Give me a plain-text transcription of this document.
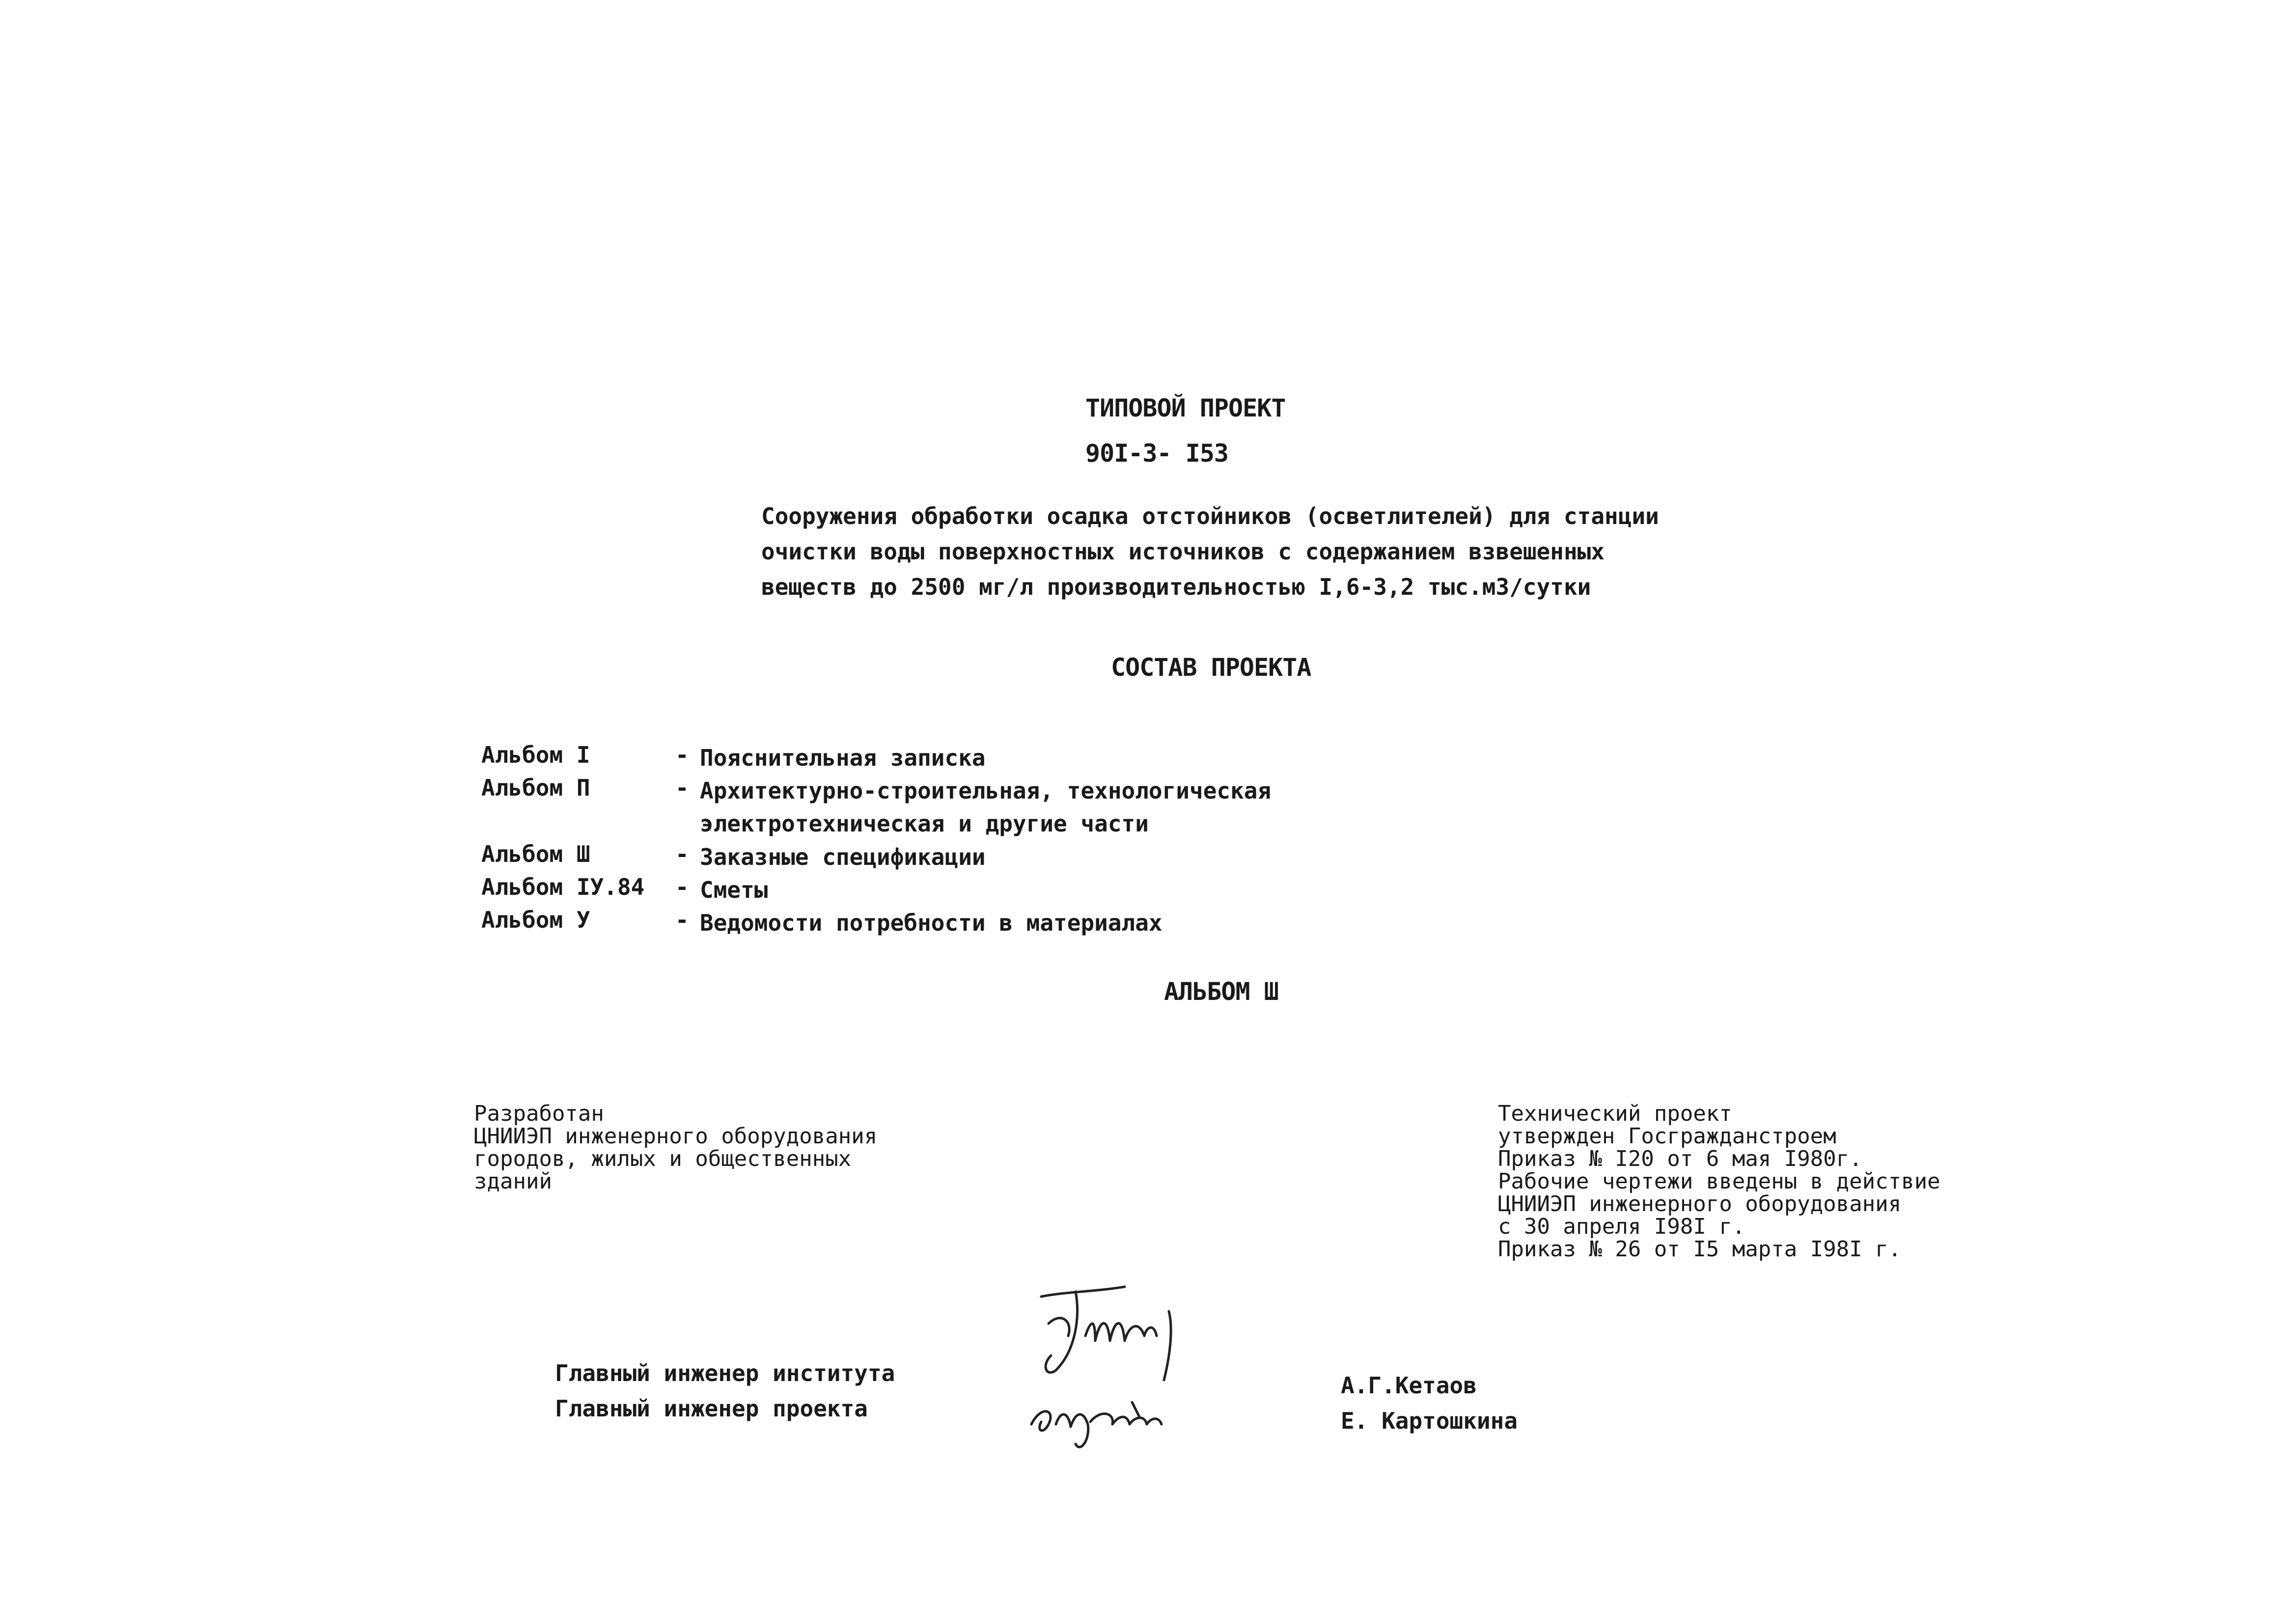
ТИПОВОЙ ПРОЕКТ
90I-3- I53
Сооружения обработки осадка отстойников (осветлителей) для станции
очистки воды поверхностных источников с содержанием взвешенных
веществ до 2500 мг/л производительностью I,6-3,2 тыс.м3/сутки
СОСТАВ ПРОЕКТА
Альбом I	- Пояснительная записка
Альбом П	- Архитектурно-строительная, технологическая
электротехническая и другие части
Альбом Ш	- Заказные спецификации
Альбом IУ.84	- Сметы
Альбом У	- Ведомости потребности в материалах
АЛЬБОМ Ш
Разработан
ЦНИИЭП инженерного оборудования
городов, жилых и общественных
зданий
Технический проект
утвержден Госгражданстроем
Приказ № I20 от 6 мая I980г.
Рабочие чертежи введены в действие
ЦНИИЭП инженерного оборудования
с 30 апреля I98I г.
Приказ № 26 от I5 марта I98I г.
Главный инженер института
Главный инженер проекта
А.Г.Кетаов
Е. Картошкина
